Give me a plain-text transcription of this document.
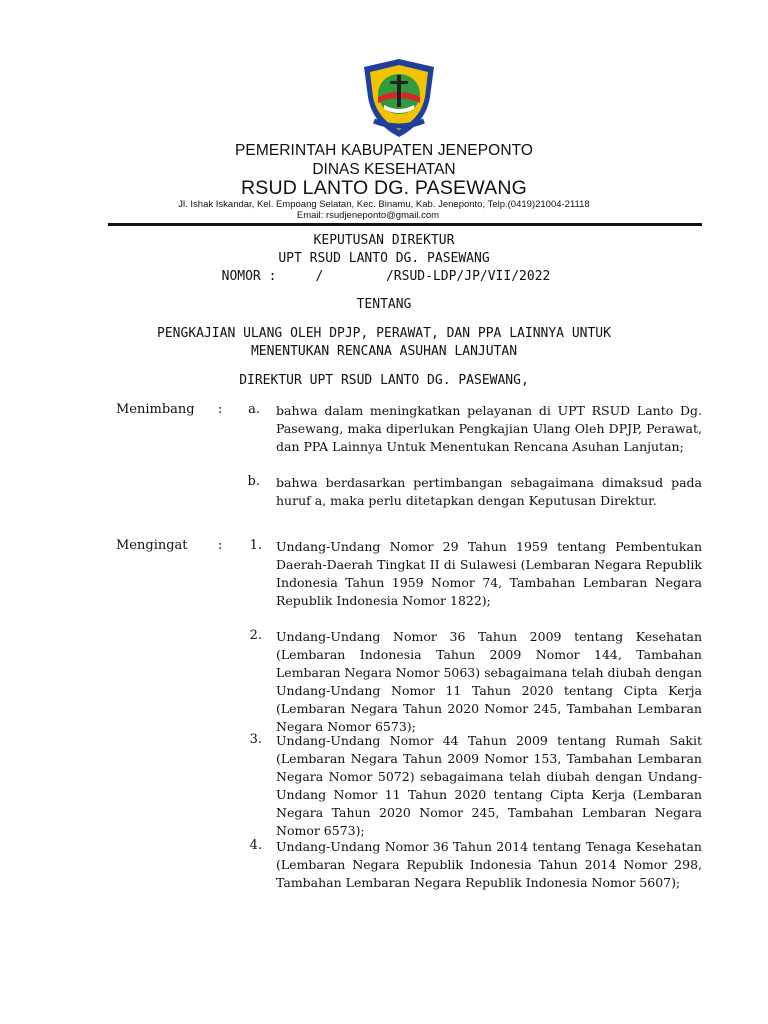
PEMERINTAH KABUPATEN JENEPONTO
DINAS KESEHATAN
RSUD LANTO DG. PASEWANG
Jl. Ishak Iskandar, Kel. Empoang Selatan, Kec. Binamu, Kab. Jeneponto, Telp.(0419)21004-21118
Email: rsudjeneponto@gmail.com
KEPUTUSAN DIREKTUR
UPT RSUD LANTO DG. PASEWANG
NOMOR :     /        /RSUD-LDP/JP/VII/2022
TENTANG
PENGKAJIAN ULANG OLEH DPJP, PERAWAT, DAN PPA LAINNYA UNTUK
MENENTUKAN RENCANA ASUHAN LANJUTAN
DIREKTUR UPT RSUD LANTO DG. PASEWANG,
Menimbang :	a. bahwa dalam meningkatkan pelayanan di UPT RSUD Lanto Dg. Pasewang, maka diperlukan Pengkajian Ulang Oleh DPJP, Perawat, dan PPA Lainnya Untuk Menentukan Rencana Asuhan Lanjutan;
b. bahwa berdasarkan pertimbangan sebagaimana dimaksud pada huruf a, maka perlu ditetapkan dengan Keputusan Direktur.
Mengingat :	1. Undang-Undang Nomor 29 Tahun 1959 tentang Pembentukan Daerah-Daerah Tingkat II di Sulawesi (Lembaran Negara Republik Indonesia Tahun 1959 Nomor 74, Tambahan Lembaran Negara Republik Indonesia Nomor 1822);
2. Undang-Undang Nomor 36 Tahun 2009 tentang Kesehatan (Lembaran Indonesia Tahun 2009 Nomor 144, Tambahan Lembaran Negara Nomor 5063) sebagaimana telah diubah dengan Undang-Undang Nomor 11 Tahun 2020 tentang Cipta Kerja (Lembaran Negara Tahun 2020 Nomor 245, Tambahan Lembaran Negara Nomor 6573);
3. Undang-Undang Nomor 44 Tahun 2009 tentang Rumah Sakit (Lembaran Negara Tahun 2009 Nomor 153, Tambahan Lembaran Negara Nomor 5072) sebagaimana telah diubah dengan Undang-Undang Nomor 11 Tahun 2020 tentang Cipta Kerja (Lembaran Negara Tahun 2020 Nomor 245, Tambahan Lembaran Negara Nomor 6573);
4. Undang-Undang Nomor 36 Tahun 2014 tentang Tenaga Kesehatan (Lembaran Negara Republik Indonesia Tahun 2014 Nomor 298, Tambahan Lembaran Negara Republik Indonesia Nomor 5607);
